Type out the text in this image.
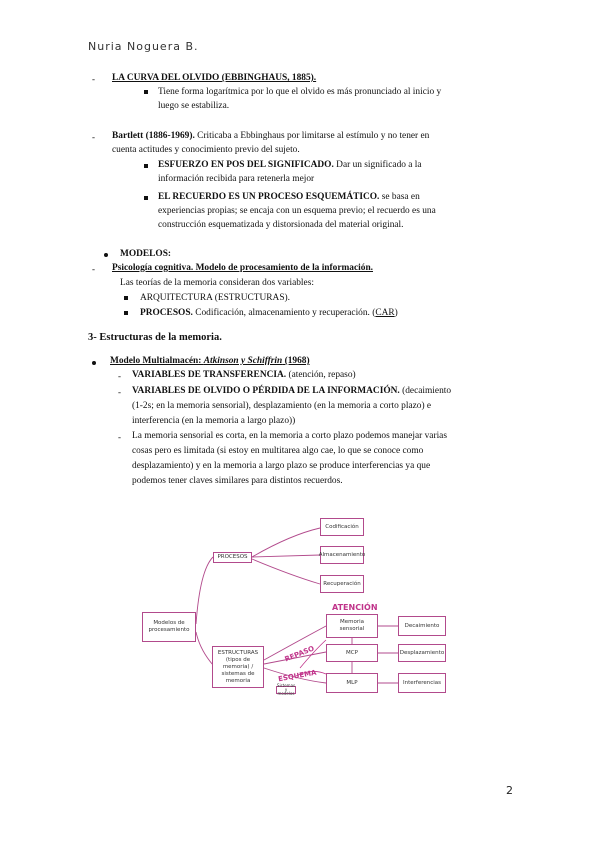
Nuria Noguera B.
- LA CURVA DEL OLVIDO (EBBINGHAUS, 1885).
Tiene forma logarítmica por lo que el olvido es más pronunciado al inicio y
luego se estabiliza.
- Bartlett (1886-1969). Criticaba a Ebbinghaus por limitarse al estímulo y no tener en
cuenta actitudes y conocimiento previo del sujeto.
ESFUERZO EN POS DEL SIGNIFICADO. Dar un significado a la
información recibida para retenerla mejor
EL RECUERDO ES UN PROCESO ESQUEMÁTICO. se basa en
experiencias propias; se encaja con un esquema previo; el recuerdo es una
construcción esquematizada y distorsionada del material original.
MODELOS:
- Psicología cognitiva. Modelo de procesamiento de la información.
Las teorías de la memoria consideran dos variables:
ARQUITECTURA (ESTRUCTURAS).
PROCESOS. Codificación, almacenamiento y recuperación. (CAR)
3- Estructuras de la memoria.
Modelo Multialmacén: Atkinson y Schiffrin (1968)
- VARIABLES DE TRANSFERENCIA. (atención, repaso)
- VARIABLES DE OLVIDO O PÉRDIDA DE LA INFORMACIÓN. (decaimiento
(1-2s; en la memoria sensorial), desplazamiento (en la memoria a corto plazo) e
interferencia (en la memoria a largo plazo))
- La memoria sensorial es corta, en la memoria a corto plazo podemos manejar varias
cosas pero es limitada (si estoy en multitarea algo cae, lo que se conoce como
desplazamiento) y en la memoria a largo plazo se produce interferencias ya que
podemos tener claves similares para distintos recuerdos.
Modelos de procesamiento
PROCESOS
Codificación
Almacenamiento
Recuperación
ESTRUCTURAS (tipos de memoria) / sistemas de memoria
Sistemas y modelos
Memoria sensorial
MCP
MLP
Decaimiento
Desplazamiento
Interferencias
ATENCIÓN
REPASO
ESQUEMA
2
